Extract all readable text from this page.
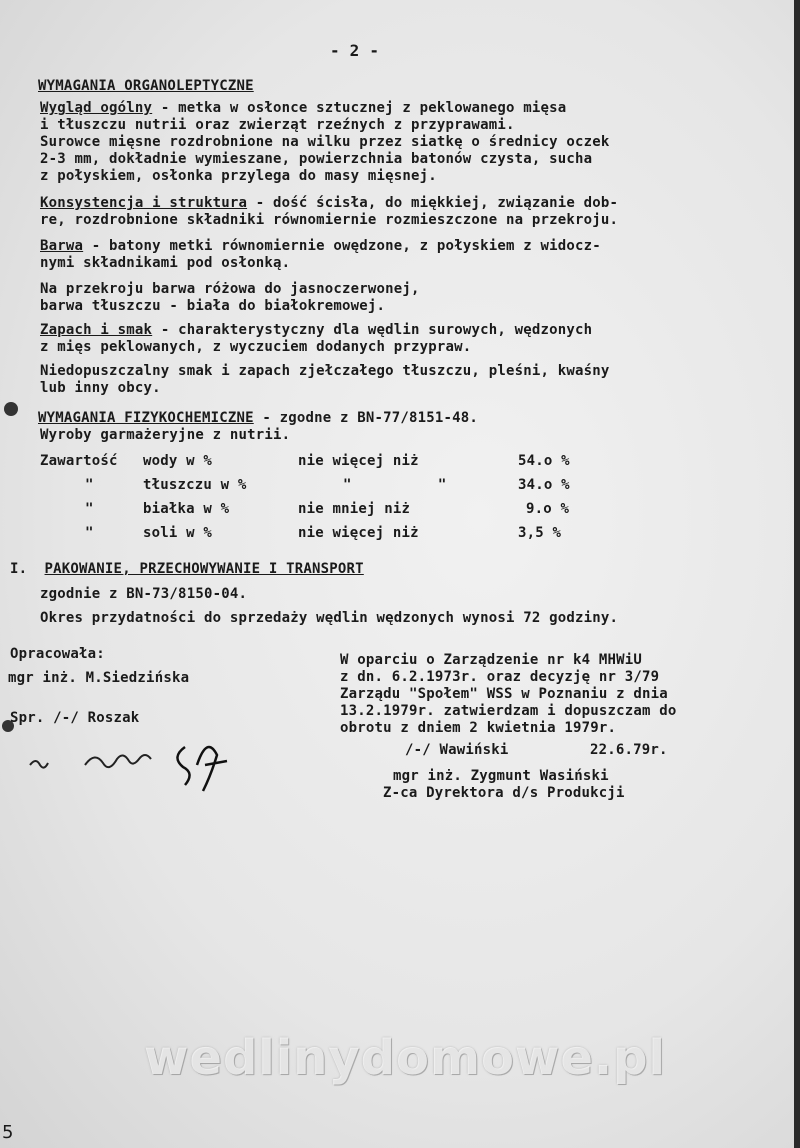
- 2 -
WYMAGANIA ORGANOLEPTYCZNE
Wygląd ogólny - metka w osłonce sztucznej z peklowanego mięsa
i tłuszczu nutrii oraz zwierząt rzeźnych z przyprawami.
Surowce mięsne rozdrobnione na wilku przez siatkę o średnicy oczek
2-3 mm, dokładnie wymieszane, powierzchnia batonów czysta, sucha
z połyskiem, osłonka przylega do masy mięsnej.
Konsystencja i struktura - dość ścisła, do miękkiej, związanie dob-
re, rozdrobnione składniki równomiernie rozmieszczone na przekroju.
Barwa - batony metki równomiernie owędzone, z połyskiem z widocz-
nymi składnikami pod osłonką.
Na przekroju barwa różowa do jasnoczerwonej,
barwa tłuszczu - biała do białokremowej.
Zapach i smak - charakterystyczny dla wędlin surowych, wędzonych
z mięs peklowanych, z wyczuciem dodanych przypraw.
Niedopuszczalny smak i zapach zjełczałego tłuszczu, pleśni, kwaśny
lub inny obcy.
WYMAGANIA FIZYKOCHEMICZNE - zgodne z BN-77/8151-48.
Wyroby garmażeryjne z nutrii.
Zawartość wody w %	nie więcej niż	54.o %
"	tłuszczu w %	"          "	34.o %
"	białka w %	nie mniej niż	9.o %
"	soli w %	nie więcej niż	3,5 %
I. PAKOWANIE, PRZECHOWYWANIE I TRANSPORT
zgodnie z BN-73/8150-04.
Okres przydatności do sprzedaży wędlin wędzonych wynosi 72 godziny.
Opracowała:
mgr inż. M.Siedzińska
Spr. /-/ Roszak
W oparciu o Zarządzenie nr k4 MHWiU
z dn. 6.2.1973r. oraz decyzję nr 3/79
Zarządu "Społem" WSS w Poznaniu z dnia
13.2.1979r. zatwierdzam i dopuszczam do
obrotu z dniem 2 kwietnia 1979r.
/-/ Wawiński	22.6.79r.
mgr inż. Zygmunt Wasiński
Z-ca Dyrektora d/s Produkcji
wedlinydomowe.pl
5
